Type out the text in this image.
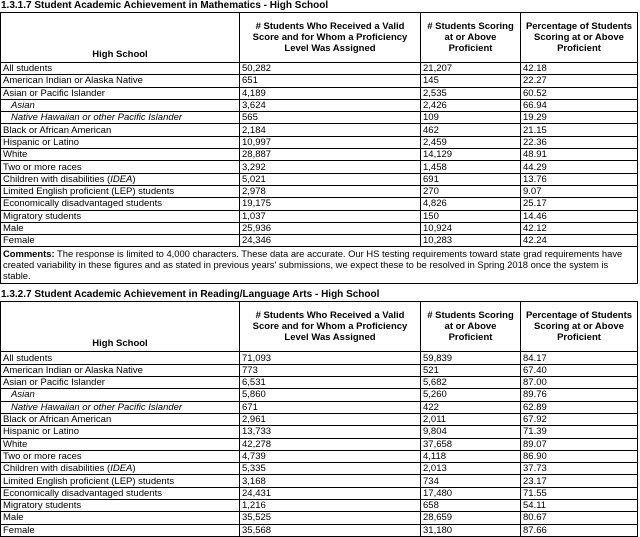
1.3.1.7 Student Academic Achievement in Mathematics - High School
High School	# Students Who Received a Valid Score and for Whom a Proficiency Level Was Assigned	# Students Scoring at or Above Proficient	Percentage of Students Scoring at or Above Proficient
All students	50,282	21,207	42.18
American Indian or Alaska Native	651	145	22.27
Asian or Pacific Islander	4,189	2,535	60.52
Asian	3,624	2,426	66.94
Native Hawaiian or other Pacific Islander	565	109	19.29
Black or African American	2,184	462	21.15
Hispanic or Latino	10,997	2,459	22.36
White	28,887	14,129	48.91
Two or more races	3,292	1,458	44.29
Children with disabilities (IDEA)	5,021	691	13.76
Limited English proficient (LEP) students	2,978	270	9.07
Economically disadvantaged students	19,175	4,826	25.17
Migratory students	1,037	150	14.46
Male	25,936	10,924	42.12
Female	24,346	10,283	42.24
Comments: The response is limited to 4,000 characters. These data are accurate. Our HS testing requirements toward state grad requirements have created variability in these figures and as stated in previous years' submissions, we expect these to be resolved in Spring 2018 once the system is stable.			
1.3.2.7 Student Academic Achievement in Reading/Language Arts - High School
High School	# Students Who Received a Valid Score and for Whom a Proficiency Level Was Assigned	# Students Scoring at or Above Proficient	Percentage of Students Scoring at or Above Proficient
All students	71,093	59,839	84.17
American Indian or Alaska Native	773	521	67.40
Asian or Pacific Islander	6,531	5,682	87.00
Asian	5,860	5,260	89.76
Native Hawaiian or other Pacific Islander	671	422	62.89
Black or African American	2,961	2,011	67.92
Hispanic or Latino	13,733	9,804	71.39
White	42,278	37,658	89.07
Two or more races	4,739	4,118	86.90
Children with disabilities (IDEA)	5,335	2,013	37.73
Limited English proficient (LEP) students	3,168	734	23.17
Economically disadvantaged students	24,431	17,480	71.55
Migratory students	1,216	658	54.11
Male	35,525	28,659	80.67
Female	35,568	31,180	87.66
